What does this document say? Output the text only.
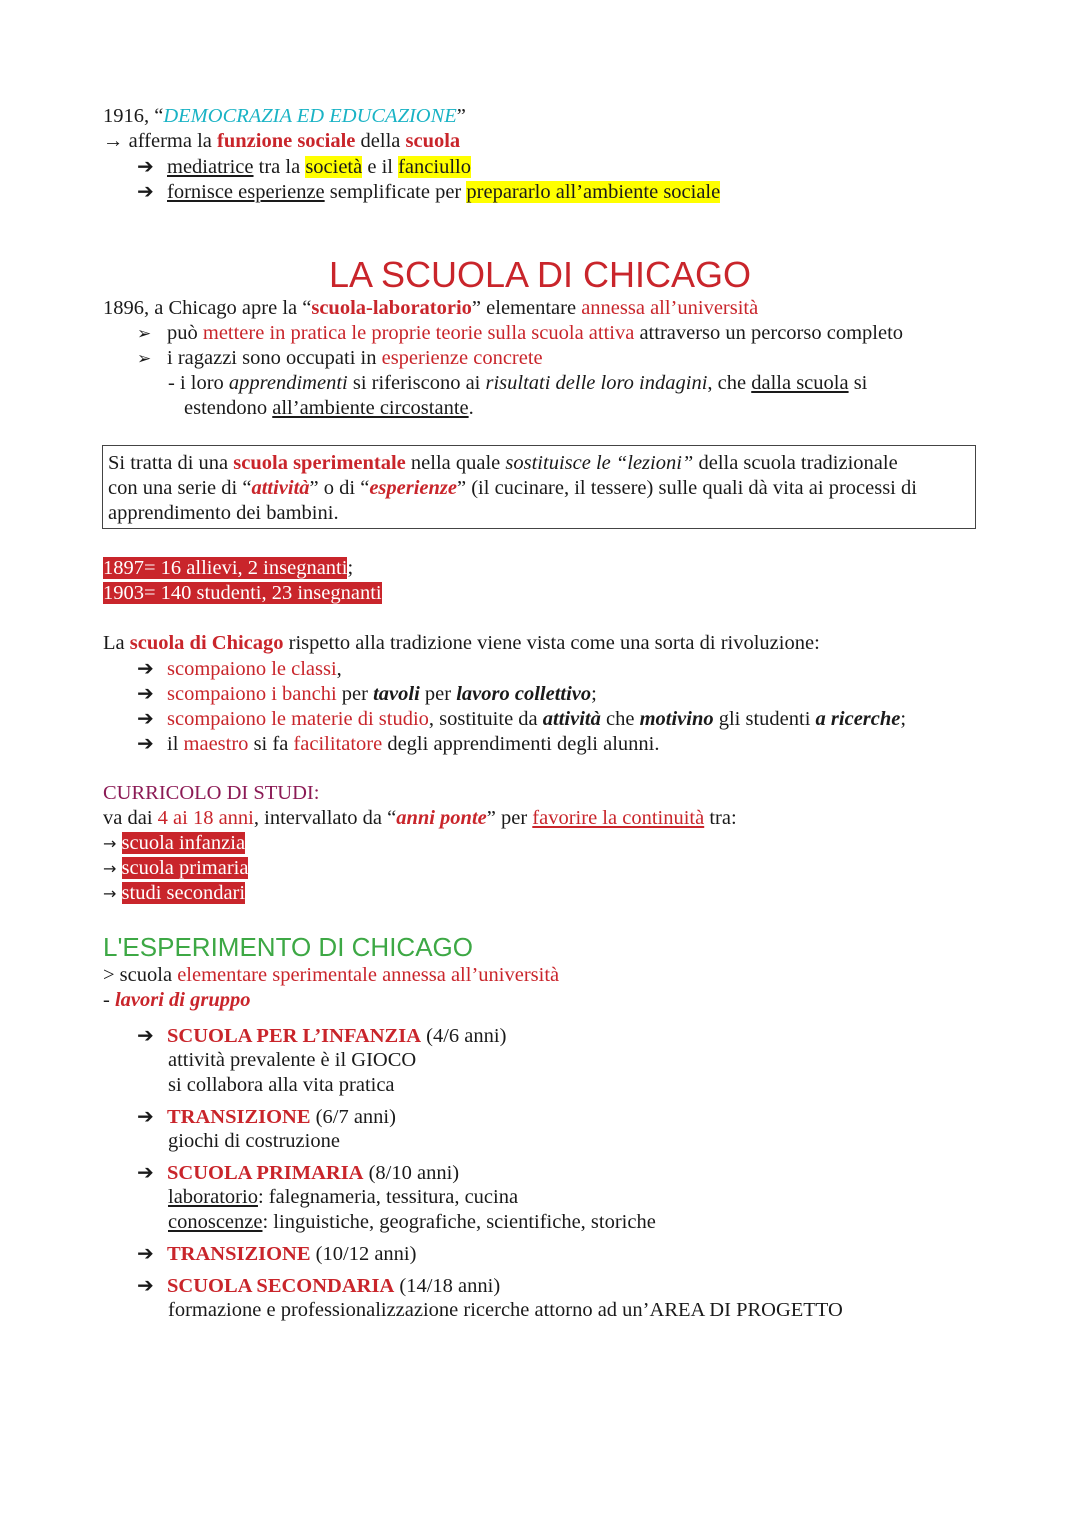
1916, “DEMOCRAZIA ED EDUCAZIONE”
→ afferma la funzione sociale della scuola
➔ mediatrice tra la società e il fanciullo
➔ fornisce esperienze semplificate per prepararlo all’ambiente sociale
LA SCUOLA DI CHICAGO
1896, a Chicago apre la “scuola-laboratorio” elementare annessa all’università
➢ può mettere in pratica le proprie teorie sulla scuola attiva attraverso un percorso completo
➢ i ragazzi sono occupati in esperienze concrete
- i loro apprendimenti si riferiscono ai risultati delle loro indagini, che dalla scuola si
estendono all’ambiente circostante.
Si tratta di una scuola sperimentale nella quale sostituisce le “lezioni” della scuola tradizionale
con una serie di “attività” o di “esperienze” (il cucinare, il tessere) sulle quali dà vita ai processi di
apprendimento dei bambini.
1897= 16 allievi, 2 insegnanti;
1903= 140 studenti, 23 insegnanti
La scuola di Chicago rispetto alla tradizione viene vista come una sorta di rivoluzione:
➔ scompaiono le classi,
➔ scompaiono i banchi per tavoli per lavoro collettivo;
➔ scompaiono le materie di studio, sostituite da attività che motivino gli studenti a ricerche;
➔ il maestro si fa facilitatore degli apprendimenti degli alunni.
CURRICOLO DI STUDI:
va dai 4 ai 18 anni, intervallato da “anni ponte” per favorire la continuità tra:
→ scuola infanzia
→ scuola primaria
→ studi secondari
L'ESPERIMENTO DI CHICAGO
> scuola elementare sperimentale annessa all’università
- lavori di gruppo
➔ SCUOLA PER L’INFANZIA (4/6 anni)
attività prevalente è il GIOCO
si collabora alla vita pratica
➔ TRANSIZIONE (6/7 anni)
giochi di costruzione
➔ SCUOLA PRIMARIA (8/10 anni)
laboratorio: falegnameria, tessitura, cucina
conoscenze: linguistiche, geografiche, scientifiche, storiche
➔ TRANSIZIONE (10/12 anni)
➔ SCUOLA SECONDARIA (14/18 anni)
formazione e professionalizzazione ricerche attorno ad un’AREA DI PROGETTO
